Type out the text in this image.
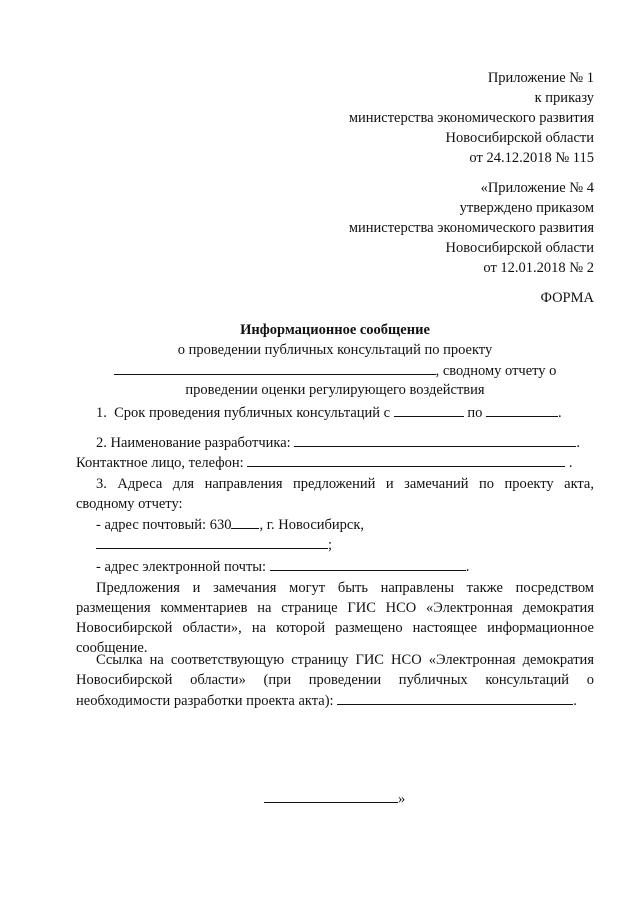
Приложение № 1
к приказу
министерства экономического развития
Новосибирской области
от 24.12.2018 № 115
«Приложение № 4
утверждено приказом
министерства экономического развития
Новосибирской области
от 12.01.2018 № 2
ФОРМА
Информационное сообщение
о проведении публичных консультаций по проекту
, сводному отчету о
проведении оценки регулирующего воздействия
1. Срок проведения публичных консультаций с	по	.
2. Наименование разработчика:	.
Контактное лицо, телефон:	.
3. Адреса для направления предложений и замечаний по проекту акта, сводному отчету:
- адрес почтовый: 630 , г. Новосибирск,
;
- адрес электронной почты:	.
Предложения и замечания могут быть направлены также посредством размещения комментариев на странице ГИС НСО «Электронная демократия Новосибирской области», на которой размещено настоящее информационное сообщение.
Ссылка на соответствующую страницу ГИС НСО «Электронная демократия Новосибирской области» (при проведении публичных консультаций о необходимости разработки проекта акта):	.
»
